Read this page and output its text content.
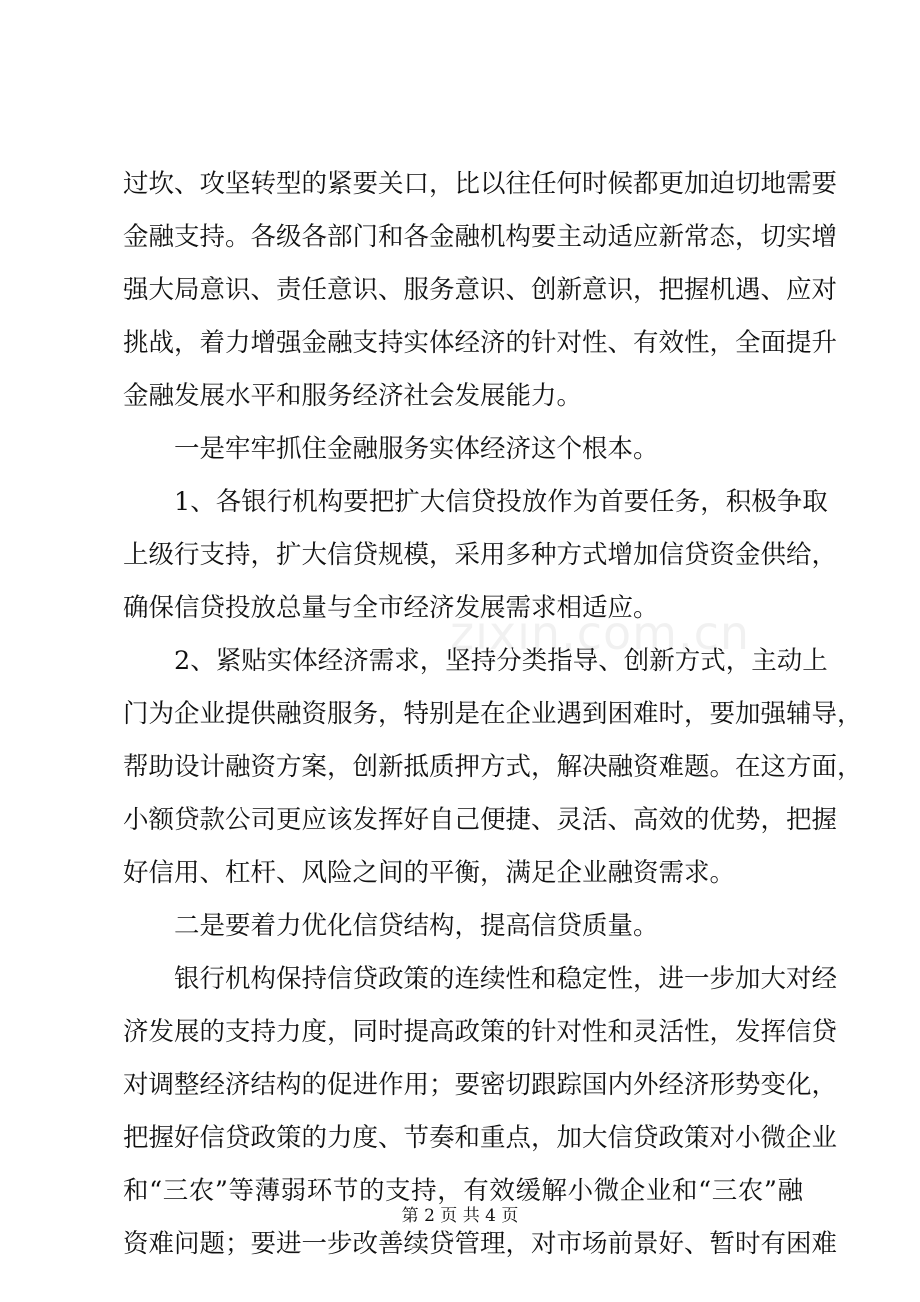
过坎、攻坚转型的紧要关口，比以往任何时候都更加迫切地需要
金融支持。各级各部门和各金融机构要主动适应新常态，切实增
强大局意识、责任意识、服务意识、创新意识，把握机遇、应对
挑战，着力增强金融支持实体经济的针对性、有效性，全面提升
金融发展水平和服务经济社会发展能力。
一是牢牢抓住金融服务实体经济这个根本。
1、各银行机构要把扩大信贷投放作为首要任务，积极争取
上级行支持，扩大信贷规模，采用多种方式增加信贷资金供给，
确保信贷投放总量与全市经济发展需求相适应。
2、紧贴实体经济需求，坚持分类指导、创新方式，主动上
门为企业提供融资服务，特别是在企业遇到困难时，要加强辅导，
帮助设计融资方案，创新抵质押方式，解决融资难题。在这方面，
小额贷款公司更应该发挥好自己便捷、灵活、高效的优势，把握
好信用、杠杆、风险之间的平衡，满足企业融资需求。
二是要着力优化信贷结构，提高信贷质量。
银行机构保持信贷政策的连续性和稳定性，进一步加大对经
济发展的支持力度，同时提高政策的针对性和灵活性，发挥信贷
对调整经济结构的促进作用；要密切跟踪国内外经济形势变化，
把握好信贷政策的力度、节奏和重点，加大信贷政策对小微企业
和“三农”等薄弱环节的支持，有效缓解小微企业和“三农”融
资难问题；要进一步改善续贷管理，对市场前景好、暂时有困难
zixin.com.cn
第 2 页 共 4 页
